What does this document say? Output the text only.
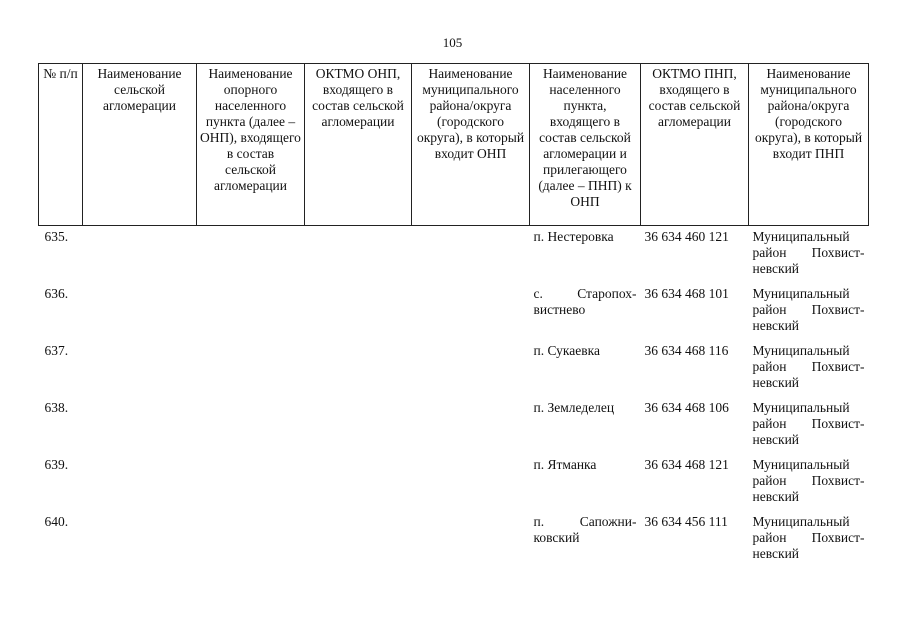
105
№ п/п	Наименование сельской агломерации	Наименование опорного населенного пункта (далее – ОНП), входящего в состав сельской агломерации	ОКТМО ОНП, входящего в состав сельской агломерации	Наименование муниципального района/округа (городского округа), в который входит ОНП	Наименование населенного пункта, входящего в состав сельской агломерации и прилегающего (далее – ПНП) к ОНП	ОКТМО ПНП, входящего в состав сельской агломерации	Наименование муниципального района/округа (городского округа), в который входит ПНП
635.					п. Нестеровка	36 634 460 121	Муниципальный район Похвист-
невский

636.					с. Старопох-
вистнево	36 634 468 101	Муниципальный район Похвист-
невский

637.					п. Сукаевка	36 634 468 116	Муниципальный район Похвист-
невский

638.					п. Земледелец	36 634 468 106	Муниципальный район Похвист-
невский

639.					п. Ятманка	36 634 468 121	Муниципальный район Похвист-
невский

640.					п. Сапожни-
ковский	36 634 456 111	Муниципальный район Похвист-
невский
